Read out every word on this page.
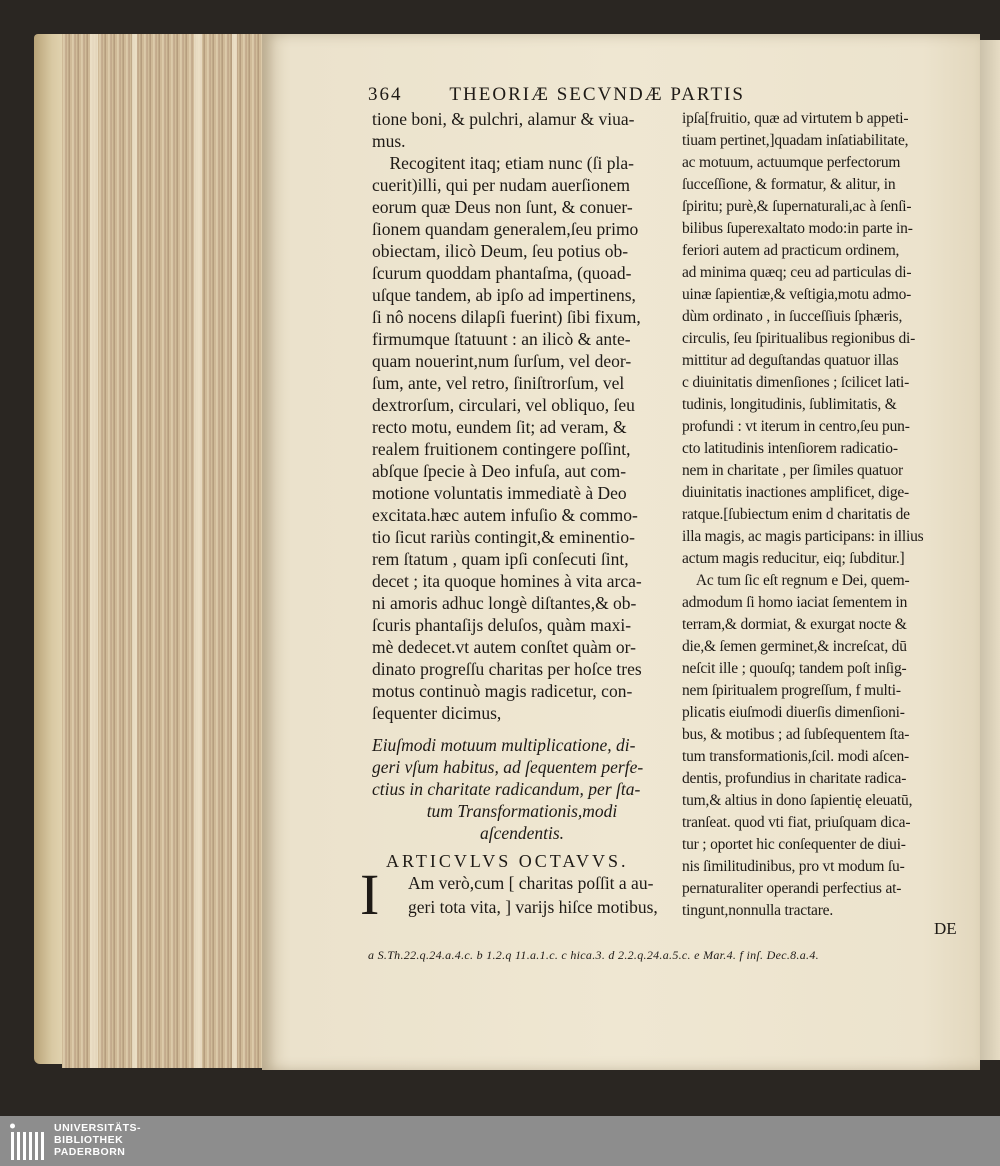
364 THEORIÆ SECVNDÆ PARTIS
tione boni, & pulchri, alamur & viua-
mus.
Recogitent itaq; etiam nunc (ſi pla-
cuerit)illi, qui per nudam auerſionem
eorum quæ Deus non ſunt, & conuer-
ſionem quandam generalem,ſeu primo
obiectam, ilicò Deum, ſeu potius ob-
ſcurum quoddam phantaſma, (quoad-
uſque tandem, ab ipſo ad impertinens,
ſi nô nocens dilapſi fuerint) ſibi fixum,
firmumque ſtatuunt : an ilicò & ante-
quam nouerint,num ſurſum, vel deor-
ſum, ante, vel retro, ſiniſtrorſum, vel
dextrorſum, circulari, vel obliquo, ſeu
recto motu, eundem ſit; ad veram, &
realem fruitionem contingere poſſint,
abſque ſpecie à Deo infuſa, aut com-
motione voluntatis immediatè à Deo
excitata.hæc autem infuſio & commo-
tio ſicut rariùs contingit,& eminentio-
rem ſtatum , quam ipſi conſecuti ſint,
decet ; ita quoque homines à vita arca-
ni amoris adhuc longè diſtantes,& ob-
ſcuris phantaſijs deluſos, quàm maxi-
mè dedecet.vt autem conſtet quàm or-
dinato progreſſu charitas per hoſce tres
motus continuò magis radicetur, con-
ſequenter dicimus,
Eiuſmodi motuum multiplicatione, di-
geri vſum habitus, ad ſequentem perfe-
ctius in charitate radicandum, per ſta-
tum Transformationis,modi
aſcendentis.
ARTICVLVS OCTAVVS.
I Am verò,cum [ charitas poſſit a au-
geri tota vita, ] varijs hiſce motibus,
ipſa[fruitio, quæ ad virtutem b appeti-
tiuam pertinet,]quadam inſatiabilitate,
ac motuum, actuumque perfectorum
ſucceſſione, & formatur, & alitur, in
ſpiritu; purè,& ſupernaturali,ac à ſenſi-
bilibus ſuperexaltato modo:in parte in-
feriori autem ad practicum ordinem,
ad minima quæq; ceu ad particulas di-
uinæ ſapientiæ,& veſtigia,motu admo-
dùm ordinato , in ſucceſſiuis ſphæris,
circulis, ſeu ſpiritualibus regionibus di-
mittitur ad deguſtandas quatuor illas
c diuinitatis dimenſiones ; ſcilicet lati-
tudinis, longitudinis, ſublimitatis, &
profundi : vt iterum in centro,ſeu pun-
cto latitudinis intenſiorem radicatio-
nem in charitate , per ſimiles quatuor
diuinitatis inactiones amplificet, dige-
ratque.[ſubiectum enim d charitatis de
illa magis, ac magis participans: in illius
actum magis reducitur, eiq; ſubditur.]
Ac tum ſic eſt regnum e Dei, quem-
admodum ſi homo iaciat ſementem in
terram,& dormiat, & exurgat nocte &
die,& ſemen germinet,& increſcat, dū
neſcit ille ; quouſq; tandem poſt inſig-
nem ſpiritualem progreſſum, f multi-
plicatis eiuſmodi diuerſis dimenſioni-
bus, & motibus ; ad ſubſequentem ſta-
tum transformationis,ſcil. modi aſcen-
dentis, profundius in charitate radica-
tum,& altius in dono ſapientię eleuatū,
tranſeat. quod vti fiat, priuſquam dica-
tur ; oportet hic conſequenter de diui-
nis ſimilitudinibus, pro vt modum ſu-
pernaturaliter operandi perfectius at-
tingunt,nonnulla tractare.
DE
a S.Th.22.q.24.a.4.c. b 1.2.q 11.a.1.c. c hica.3. d 2.2.q.24.a.5.c. e Mar.4. f inſ. Dec.8.a.4.
UNIVERSITÄTS-
BIBLIOTHEK
PADERBORN
